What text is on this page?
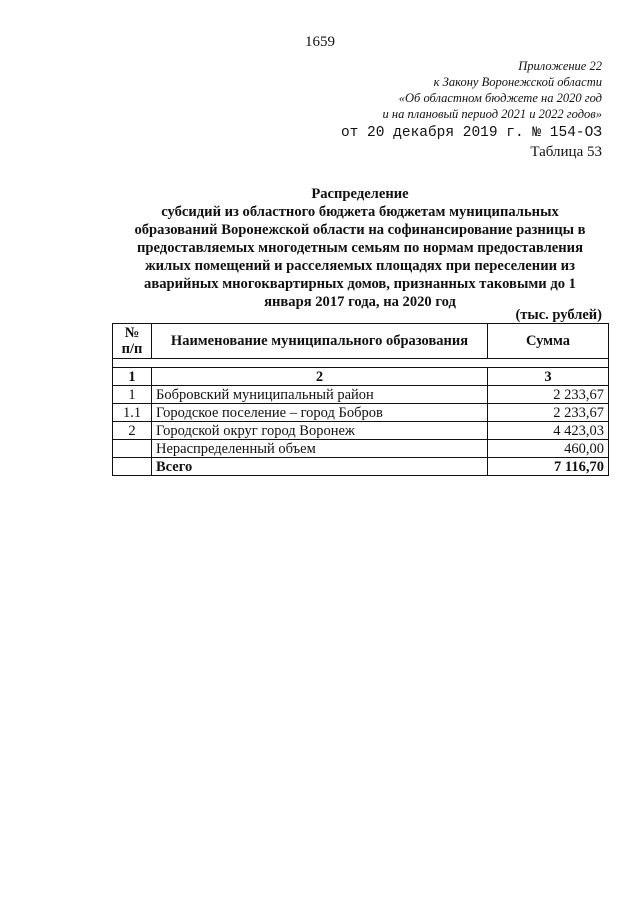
1659
Приложение 22
к Закону Воронежской области
«Об областном бюджете на 2020 год
и на плановый период 2021 и 2022 годов»
от 20 декабря 2019 г. № 154-ОЗ
Таблица 53
Распределение
субсидий из областного бюджета бюджетам муниципальных
образований Воронежской области на софинансирование разницы в
предоставляемых многодетным семьям по нормам предоставления
жилых помещений и расселяемых площадях при переселении из
аварийных многоквартирных домов, признанных таковыми до 1
января 2017 года, на 2020 год
(тыс. рублей)
№ п/п	Наименование муниципального образования	Сумма

1	2	3
1	Бобровский муниципальный район	2 233,67
1.1	Городское поселение – город Бобров	2 233,67
2	Городской округ город Воронеж	4 423,03
	Нераспределенный объем	460,00
	Всего	7 116,70
